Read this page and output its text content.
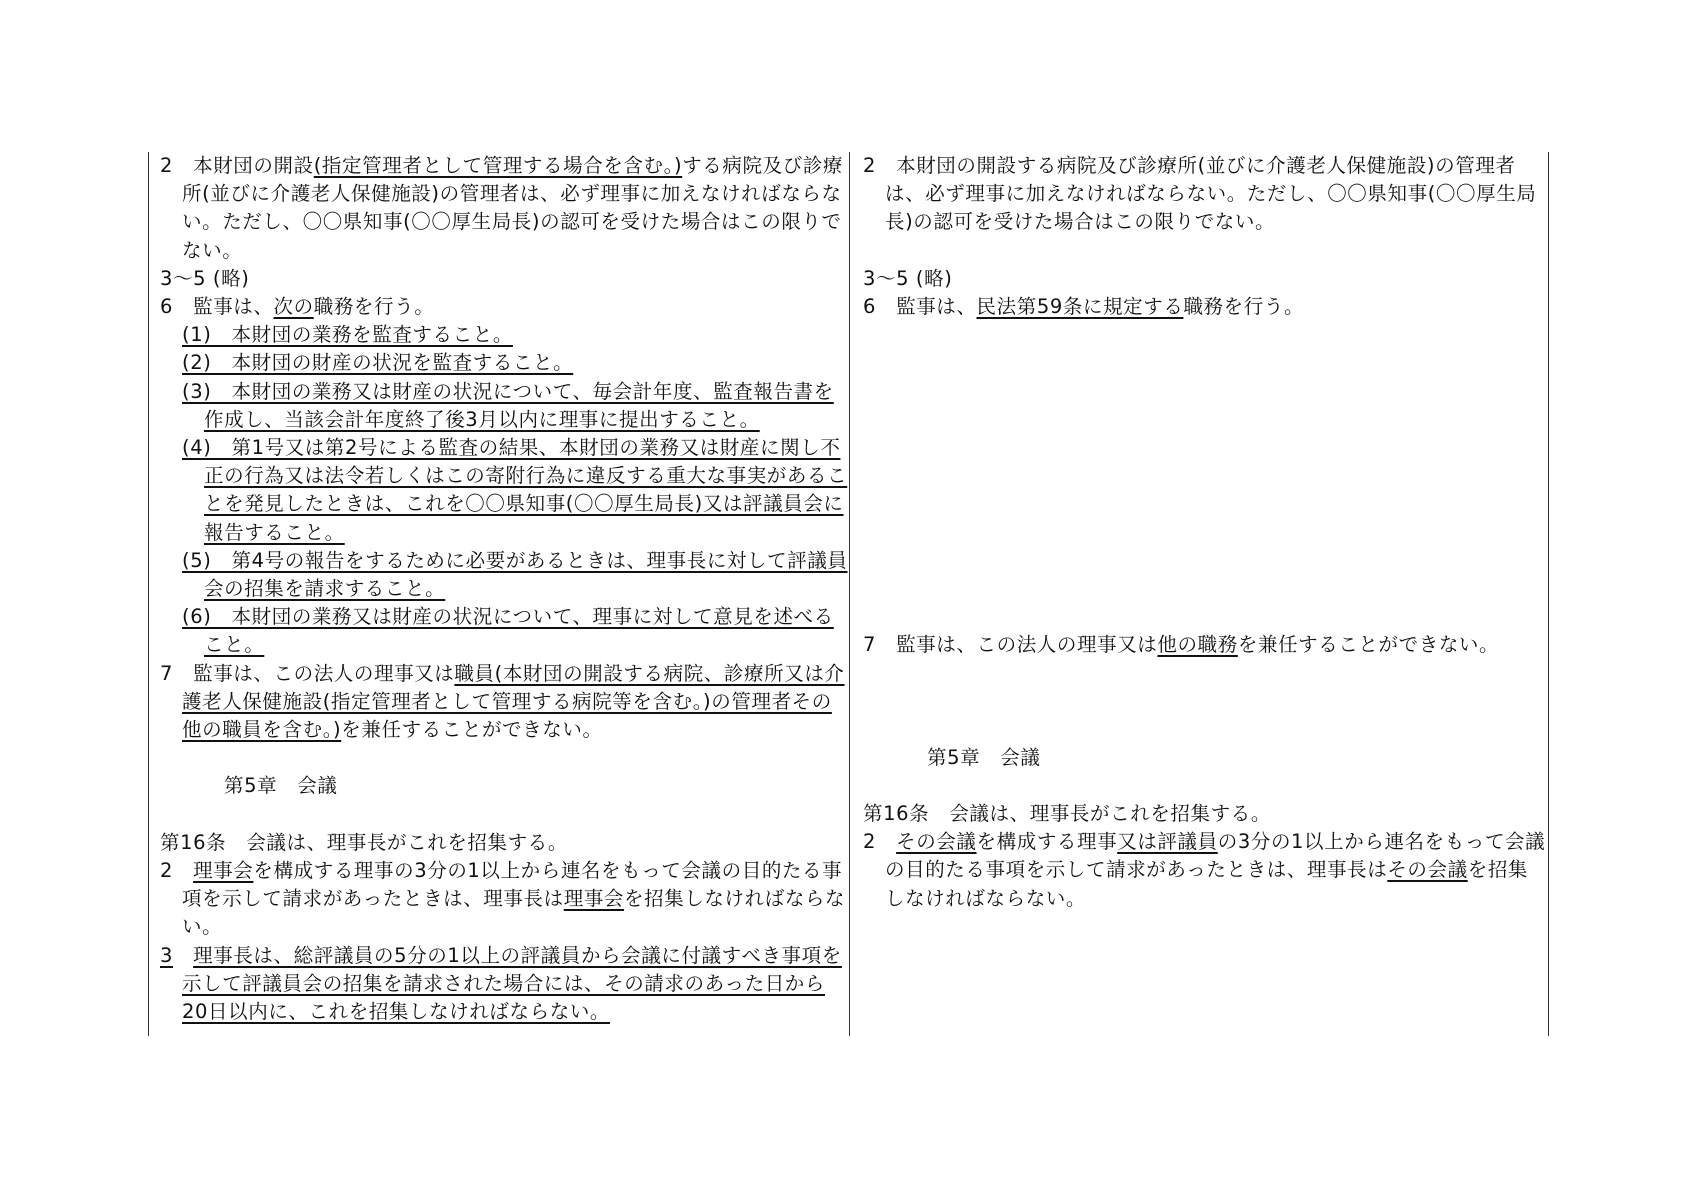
2　本財団の開設(指定管理者として管理する場合を含む。)する病院及び診療所(並びに介護老人保健施設)の管理者は、必ず理事に加えなければならない。ただし、〇〇県知事(〇〇厚生局長)の認可を受けた場合はこの限りでない。
3〜5 (略)
6　監事は、次の職務を行う。
(1)　本財団の業務を監査すること。
(2)　本財団の財産の状況を監査すること。
(3)　本財団の業務又は財産の状況について、毎会計年度、監査報告書を作成し、当該会計年度終了後3月以内に理事に提出すること。
(4)　第1号又は第2号による監査の結果、本財団の業務又は財産に関し不正の行為又は法令若しくはこの寄附行為に違反する重大な事実があることを発見したときは、これを〇〇県知事(〇〇厚生局長)又は評議員会に報告すること。
(5)　第4号の報告をするために必要があるときは、理事長に対して評議員会の招集を請求すること。
(6)　本財団の業務又は財産の状況について、理事に対して意見を述べること。
7　監事は、この法人の理事又は職員(本財団の開設する病院、診療所又は介護老人保健施設(指定管理者として管理する病院等を含む。)の管理者その他の職員を含む。)を兼任することができない。
第5章　会議
第16条　会議は、理事長がこれを招集する。
2　理事会を構成する理事の3分の1以上から連名をもって会議の目的たる事項を示して請求があったときは、理事長は理事会を招集しなければならない。
3　 理事長は、総評議員の5分の1以上の評議員から会議に付議すべき事項を示して評議員会の招集を請求された場合には、その請求のあった日から20日以内に、これを招集しなければならない。
2　本財団の開設する病院及び診療所(並びに介護老人保健施設)の管理者は、必ず理事に加えなければならない。ただし、〇〇県知事(〇〇厚生局長)の認可を受けた場合はこの限りでない。
3〜5 (略)
6　監事は、民法第59条に規定する職務を行う。
7　監事は、この法人の理事又は他の職務を兼任することができない。
第5章　会議
第16条　会議は、理事長がこれを招集する。
2　その会議を構成する理事又は評議員の3分の1以上から連名をもって会議の目的たる事項を示して請求があったときは、理事長はその会議を招集しなければならない。
